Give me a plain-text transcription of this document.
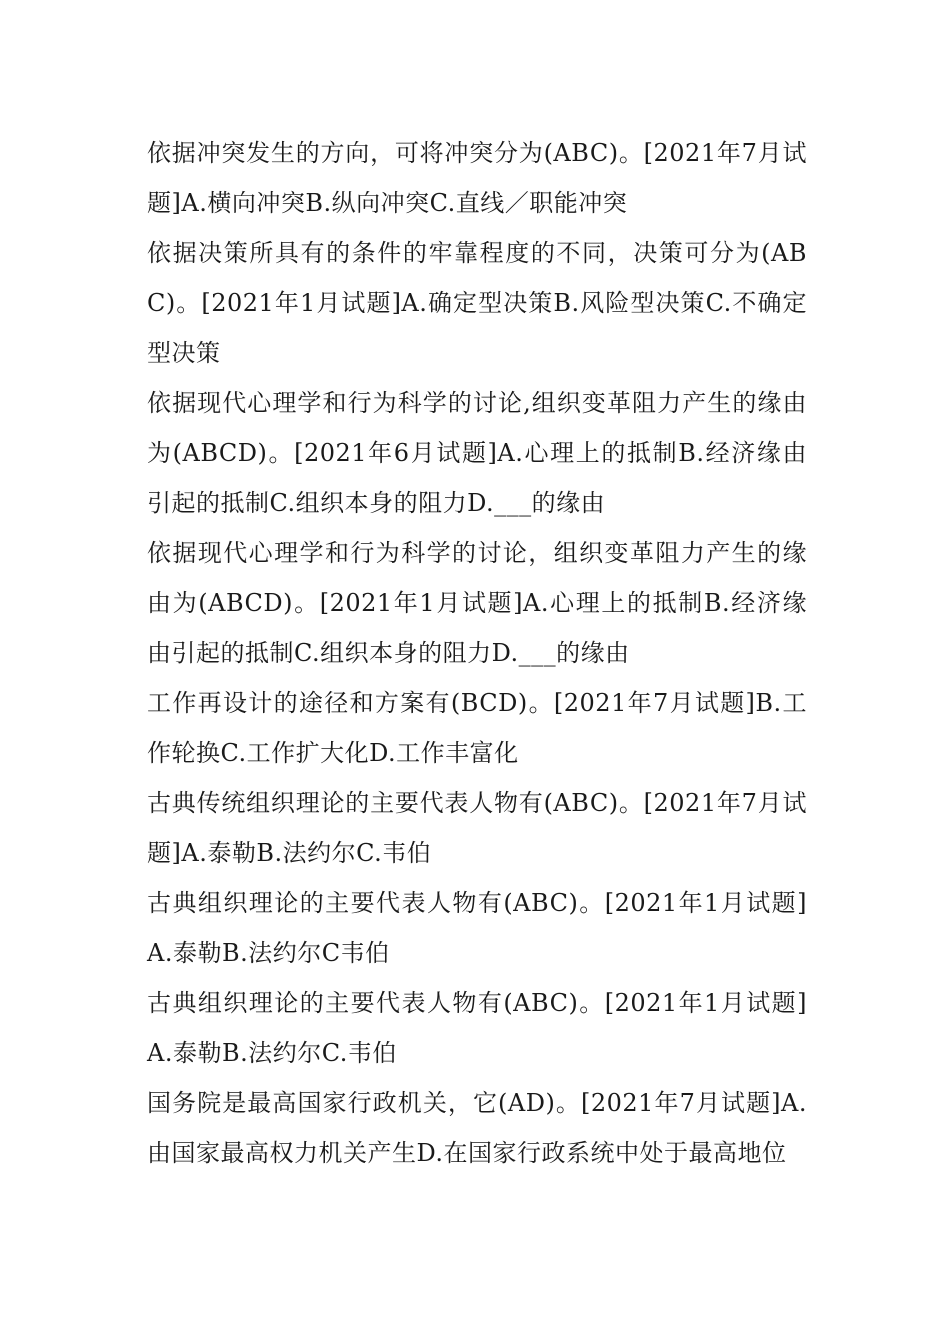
依据冲突发生的方向，可将冲突分为(ABC)。[2021年7月试题]A.横向冲突B.纵向冲突C.直线／职能冲突

依据决策所具有的条件的牢靠程度的不同，决策可分为(ABC)。[2021年1月试题]A.确定型决策B.风险型决策C.不确定型决策

依据现代心理学和行为科学的讨论,组织变革阻力产生的缘由为(ABCD)。[2021年6月试题]A.心理上的抵制B.经济缘由引起的抵制C.组织本身的阻力D.___的缘由

依据现代心理学和行为科学的讨论，组织变革阻力产生的缘由为(ABCD)。[2021年1月试题]A.心理上的抵制B.经济缘由引起的抵制C.组织本身的阻力D.___的缘由

工作再设计的途径和方案有(BCD)。[2021年7月试题]B.工作轮换C.工作扩大化D.工作丰富化

古典传统组织理论的主要代表人物有(ABC)。[2021年7月试题]A.泰勒B.法约尔C.韦伯

古典组织理论的主要代表人物有(ABC)。[2021年1月试题]A.泰勒B.法约尔C韦伯

古典组织理论的主要代表人物有(ABC)。[2021年1月试题]A.泰勒B.法约尔C.韦伯

国务院是最高国家行政机关，它(AD)。[2021年7月试题]A.由国家最高权力机关产生D.在国家行政系统中处于最高地位
